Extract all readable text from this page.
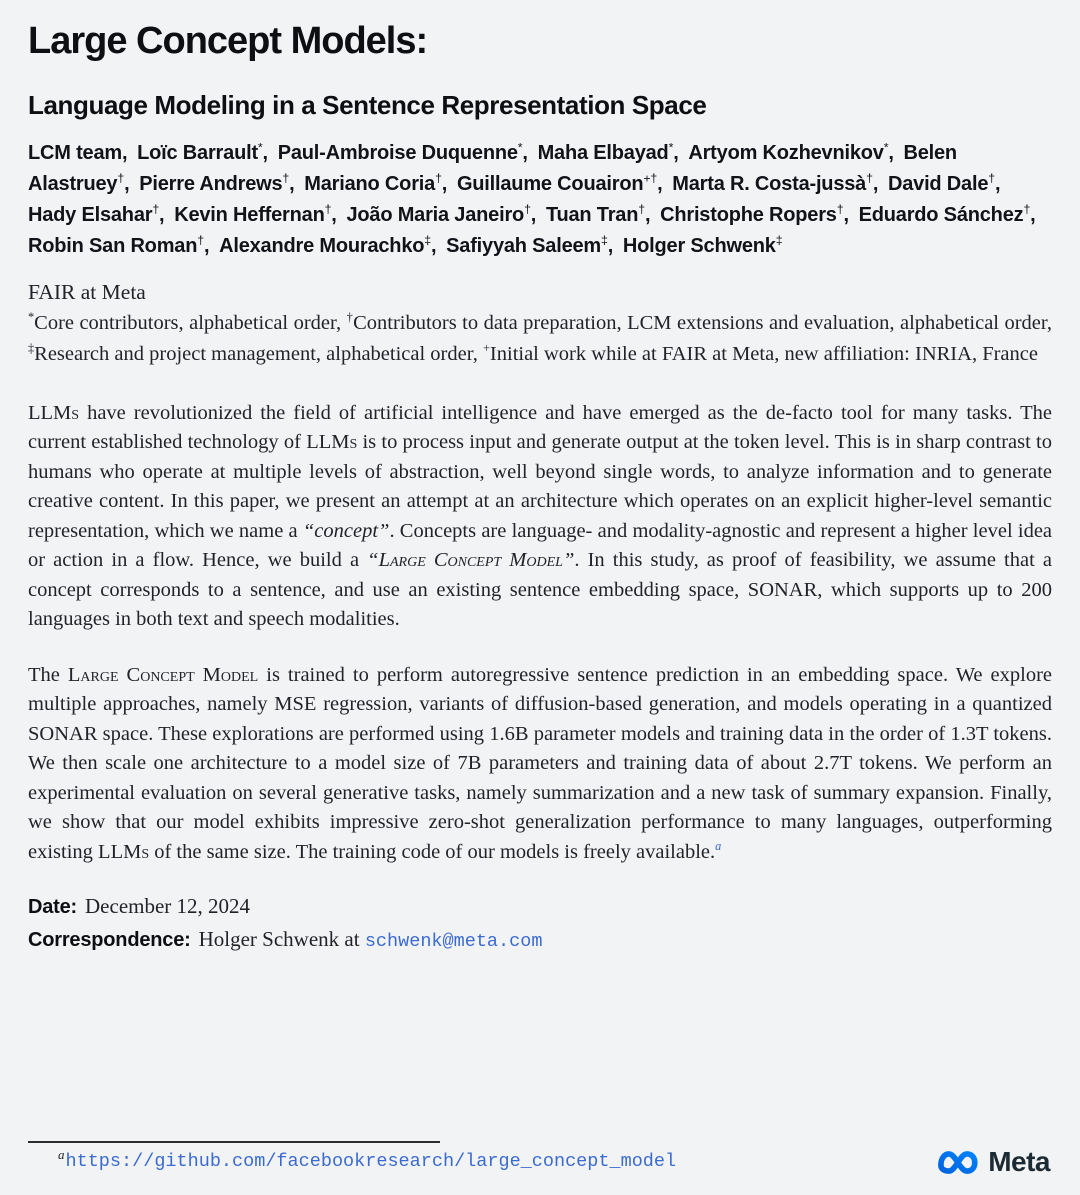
Large Concept Models:
Language Modeling in a Sentence Representation Space

LCM team, Loïc Barrault*, Paul-Ambroise Duquenne*, Maha Elbayad*, Artyom Kozhevnikov*, Belen Alastruey†, Pierre Andrews†, Mariano Coria†, Guillaume Couairon+†, Marta R. Costa-jussà†, David Dale†, Hady Elsahar†, Kevin Heffernan†, João Maria Janeiro†, Tuan Tran†, Christophe Ropers†, Eduardo Sánchez†, Robin San Roman†, Alexandre Mourachko‡, Safiyyah Saleem‡, Holger Schwenk‡

FAIR at Meta

*Core contributors, alphabetical order, †Contributors to data preparation, LCM extensions and evaluation, alphabetical order, ‡Research and project management, alphabetical order, +Initial work while at FAIR at Meta, new affiliation: INRIA, France

LLMs have revolutionized the field of artificial intelligence and have emerged as the de-facto tool for many tasks. The current established technology of LLMs is to process input and generate output at the token level. This is in sharp contrast to humans who operate at multiple levels of abstraction, well beyond single words, to analyze information and to generate creative content. In this paper, we present an attempt at an architecture which operates on an explicit higher-level semantic representation, which we name a “concept”. Concepts are language- and modality-agnostic and represent a higher level idea or action in a flow. Hence, we build a “Large Concept Model”. In this study, as proof of feasibility, we assume that a concept corresponds to a sentence, and use an existing sentence embedding space, SONAR, which supports up to 200 languages in both text and speech modalities.

The Large Concept Model is trained to perform autoregressive sentence prediction in an embedding space. We explore multiple approaches, namely MSE regression, variants of diffusion-based generation, and models operating in a quantized SONAR space. These explorations are performed using 1.6B parameter models and training data in the order of 1.3T tokens. We then scale one architecture to a model size of 7B parameters and training data of about 2.7T tokens. We perform an experimental evaluation on several generative tasks, namely summarization and a new task of summary expansion. Finally, we show that our model exhibits impressive zero-shot generalization performance to many languages, outperforming existing LLMs of the same size. The training code of our models is freely available.$^a$

Date: December 12, 2024
Correspondence: Holger Schwenk at schwenk@meta.com

$^a$https://github.com/facebookresearch/large_concept_model	Meta
